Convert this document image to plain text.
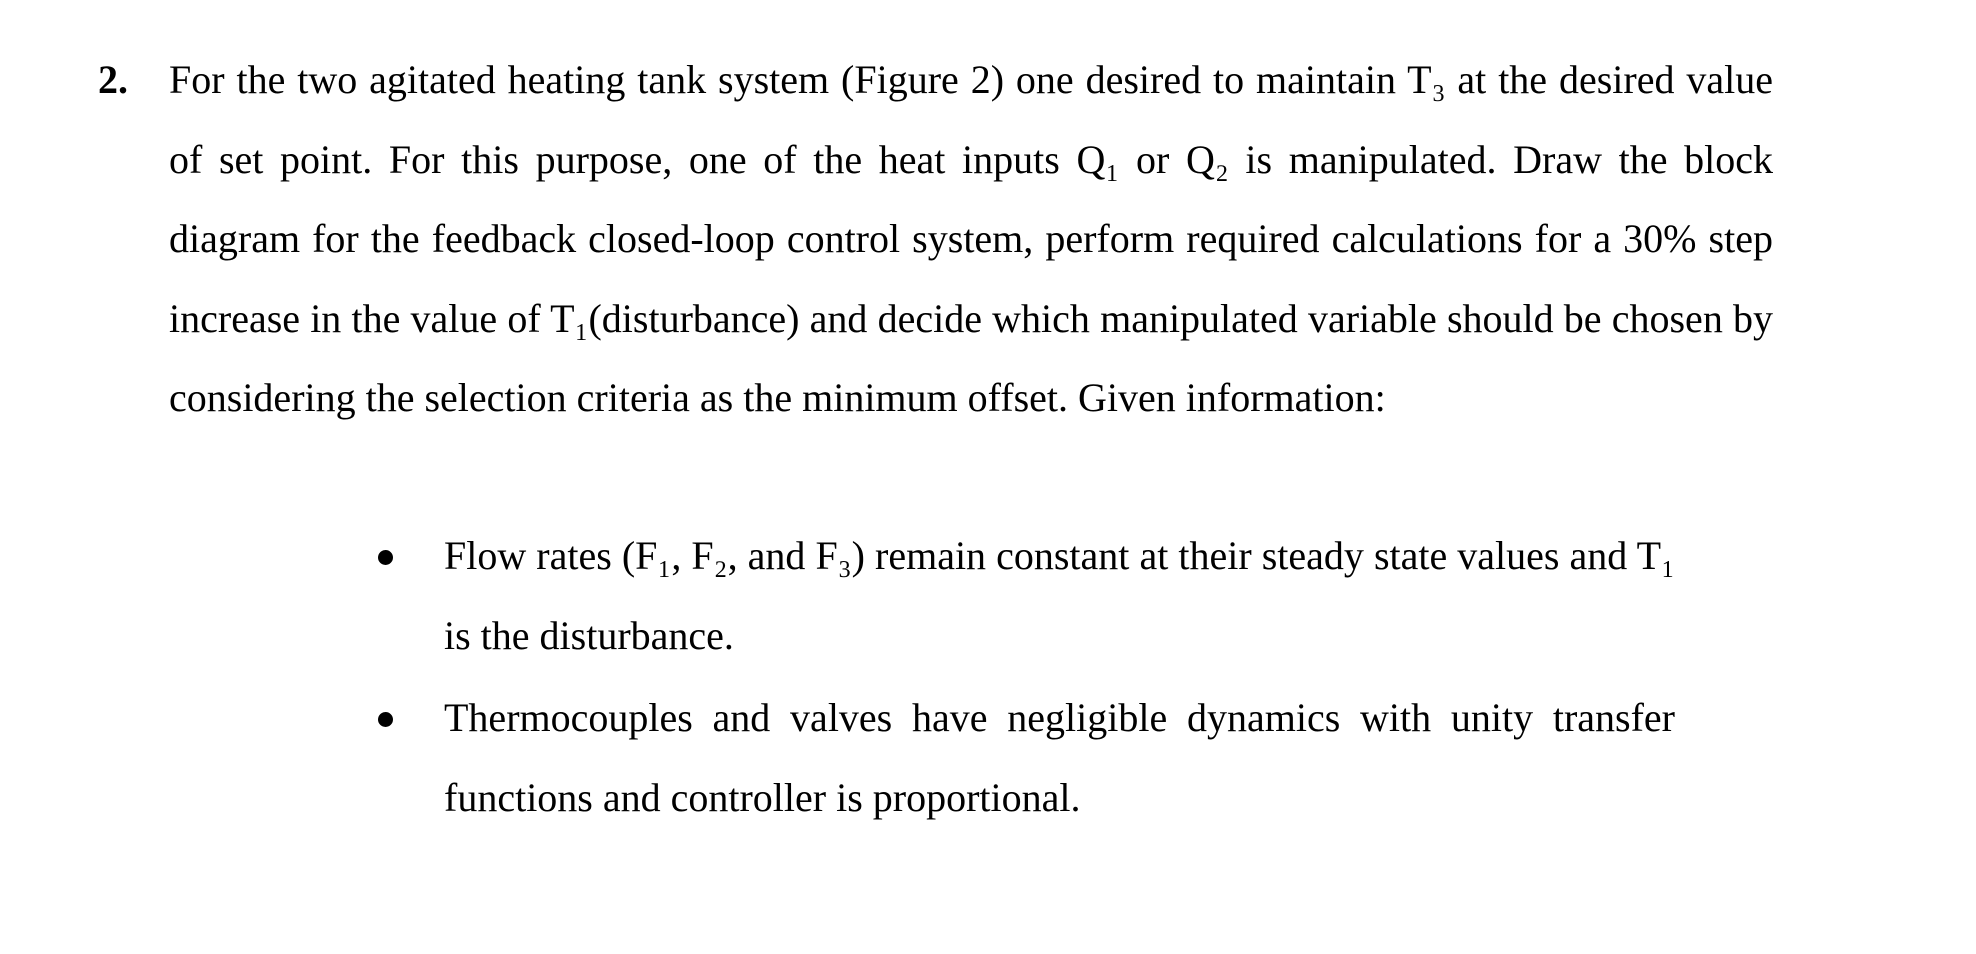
2. For the two agitated heating tank system (Figure 2) one desired to maintain T₃ at the desired value of set point. For this purpose, one of the heat inputs Q₁ or Q₂ is manipulated. Draw the block diagram for the feedback closed-loop control system, perform required calculations for a 30% step increase in the value of T₁(disturbance) and decide which manipulated variable should be chosen by considering the selection criteria as the minimum offset. Given information:

Flow rates (F₁, F₂, and F₃) remain constant at their steady state values and T₁ is the disturbance.
Thermocouples and valves have negligible dynamics with unity transfer functions and controller is proportional.
